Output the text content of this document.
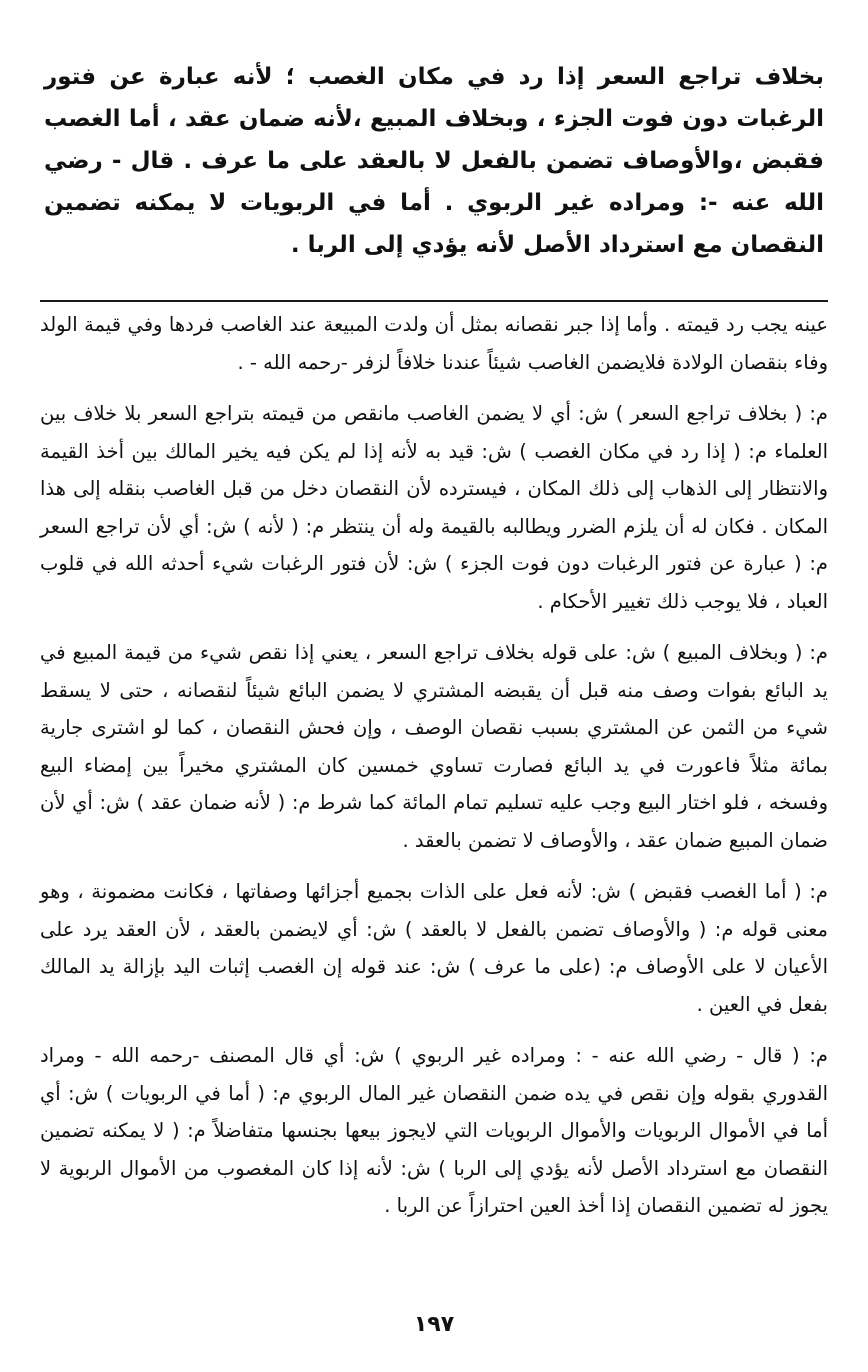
بخلاف تراجع السعر إذا رد في مكان الغصب ؛ لأنه عبارة عن فتور الرغبات دون فوت الجزء ، وبخلاف المبيع ،لأنه ضمان عقد ، أما الغصب فقبض ،والأوصاف تضمن بالفعل لا بالعقد على ما عرف . قال - رضي الله عنه -: ومراده غير الربوي . أما في الربويات لا يمكنه تضمين النقصان مع استرداد الأصل لأنه يؤدي إلى الربا .

عينه يجب رد قيمته . وأما إذا جبر نقصانه بمثل أن ولدت المبيعة عند الغاصب فردها وفي قيمة الولد وفاء بنقصان الولادة فلايضمن الغاصب شيئاً عندنا خلافاً لزفر -رحمه الله - .

م: ( بخلاف تراجع السعر ) ش: أي لا يضمن الغاصب مانقص من قيمته بتراجع السعر بلا خلاف بين العلماء م: ( إذا رد في مكان الغصب ) ش: قيد به لأنه إذا لم يكن فيه يخير المالك بين أخذ القيمة والانتظار إلى الذهاب إلى ذلك المكان ، فيسترده لأن النقصان دخل من قبل الغاصب بنقله إلى هذا المكان . فكان له أن يلزم الضرر ويطالبه بالقيمة وله أن ينتظر م: ( لأنه ) ش: أي لأن تراجع السعر م: ( عبارة عن فتور الرغبات دون فوت الجزء ) ش: لأن فتور الرغبات شيء أحدثه الله في قلوب العباد ، فلا يوجب ذلك تغيير الأحكام .

م: ( وبخلاف المبيع ) ش: على قوله بخلاف تراجع السعر ، يعني إذا نقص شيء من قيمة المبيع في يد البائع بفوات وصف منه قبل أن يقبضه المشتري لا يضمن البائع شيئاً لنقصانه ، حتى لا يسقط شيء من الثمن عن المشتري بسبب نقصان الوصف ، وإن فحش النقصان ، كما لو اشترى جارية بمائة مثلاً فاعورت في يد البائع فصارت تساوي خمسين كان المشتري مخيراً بين إمضاء البيع وفسخه ، فلو اختار البيع وجب عليه تسليم تمام المائة كما شرط م: ( لأنه ضمان عقد ) ش: أي لأن ضمان المبيع ضمان عقد ، والأوصاف لا تضمن بالعقد .

م: ( أما الغصب فقبض ) ش: لأنه فعل على الذات بجميع أجزائها وصفاتها ، فكانت مضمونة ، وهو معنى قوله م: ( والأوصاف تضمن بالفعل لا بالعقد ) ش: أي لايضمن بالعقد ، لأن العقد يرد على الأعيان لا على الأوصاف م: (على ما عرف ) ش: عند قوله إن الغصب إثبات اليد بإزالة يد المالك بفعل في العين .

م: ( قال - رضي الله عنه - : ومراده غير الربوي ) ش: أي قال المصنف -رحمه الله - ومراد القدوري بقوله وإن نقص في يده ضمن النقصان غير المال الربوي م: ( أما في الربويات ) ش: أي أما في الأموال الربويات والأموال الربويات التي لايجوز بيعها بجنسها متفاضلاً م: ( لا يمكنه تضمين النقصان مع استرداد الأصل لأنه يؤدي إلى الربا ) ش: لأنه إذا كان المغصوب من الأموال الربوية لا يجوز له تضمين النقصان إذا أخذ العين احترازاً عن الربا .

١٩٧
